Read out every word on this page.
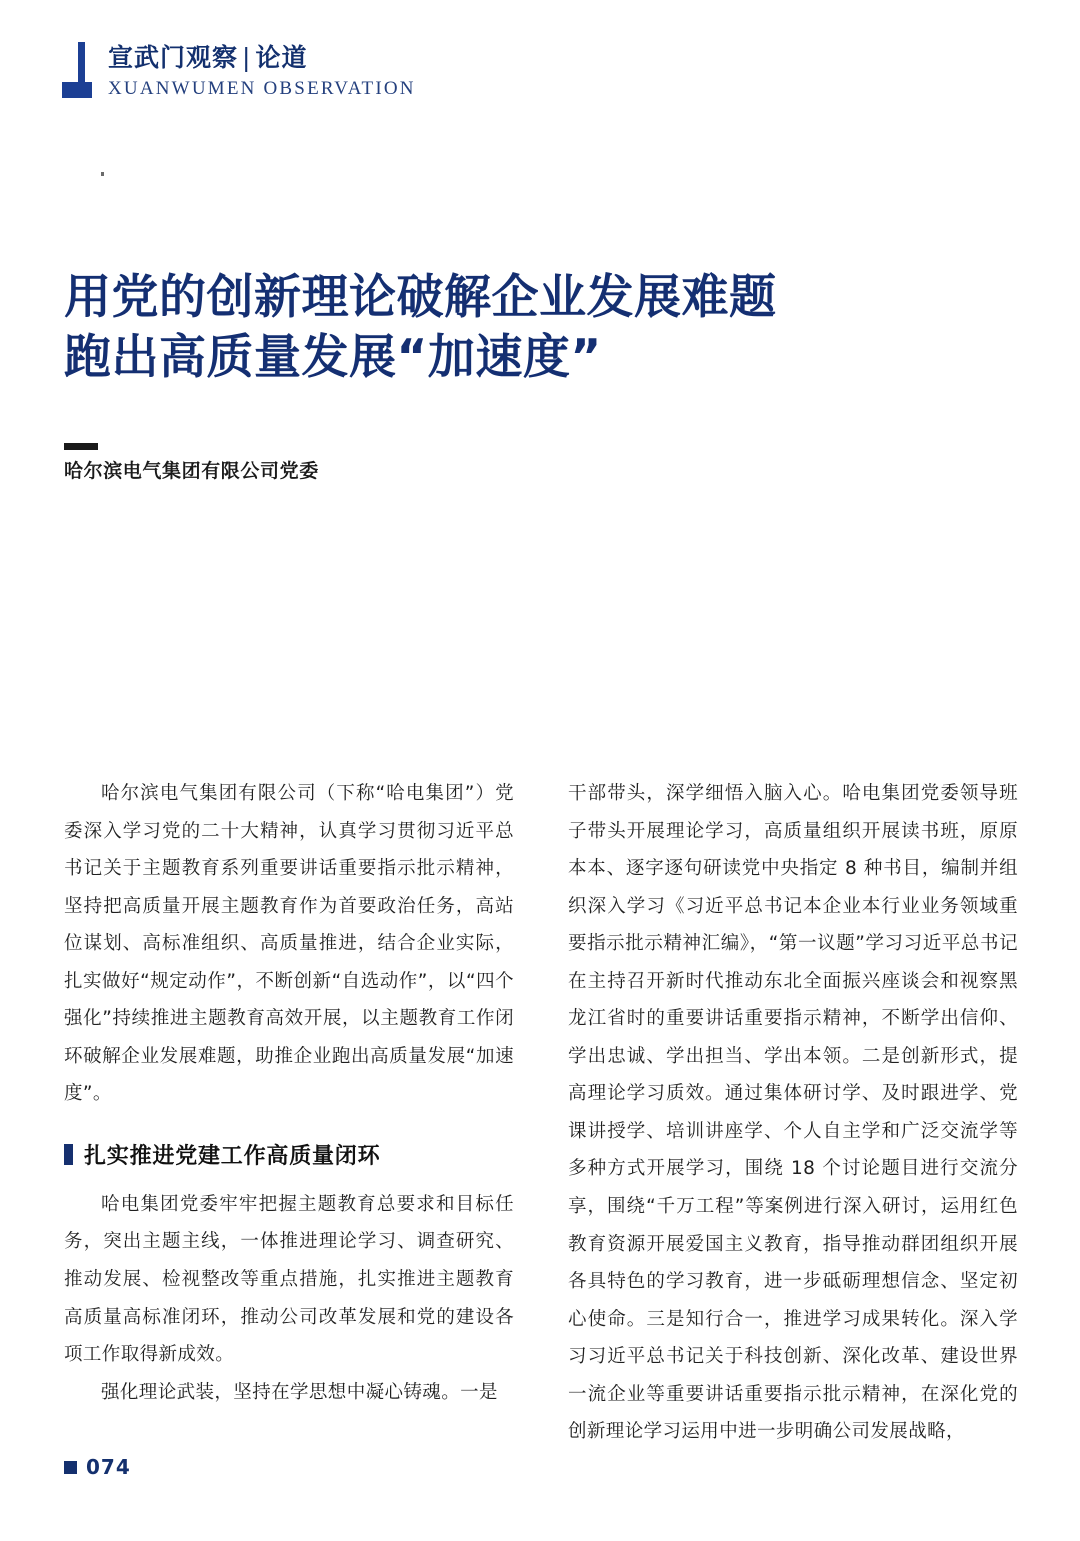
宣武门观察 | 论道
XUANWUMEN OBSERVATION
用党的创新理论破解企业发展难题
跑出高质量发展“加速度”
哈尔滨电气集团有限公司党委

哈尔滨电气集团有限公司（下称“哈电集团”）党委深入学习党的二十大精神，认真学习贯彻习近平总书记关于主题教育系列重要讲话重要指示批示精神，坚持把高质量开展主题教育作为首要政治任务，高站位谋划、高标准组织、高质量推进，结合企业实际，扎实做好“规定动作”，不断创新“自选动作”，以“四个强化”持续推进主题教育高效开展，以主题教育工作闭环破解企业发展难题，助推企业跑出高质量发展“加速度”。

扎实推进党建工作高质量闭环

哈电集团党委牢牢把握主题教育总要求和目标任务，突出主题主线，一体推进理论学习、调查研究、推动发展、检视整改等重点措施，扎实推进主题教育高质量高标准闭环，推动公司改革发展和党的建设各项工作取得新成效。

强化理论武装，坚持在学思想中凝心铸魂。一是

干部带头，深学细悟入脑入心。哈电集团党委领导班子带头开展理论学习，高质量组织开展读书班，原原本本、逐字逐句研读党中央指定 8 种书目，编制并组织深入学习《习近平总书记本企业本行业业务领域重要指示批示精神汇编》，“第一议题”学习习近平总书记在主持召开新时代推动东北全面振兴座谈会和视察黑龙江省时的重要讲话重要指示精神，不断学出信仰、学出忠诚、学出担当、学出本领。二是创新形式，提高理论学习质效。通过集体研讨学、及时跟进学、党课讲授学、培训讲座学、个人自主学和广泛交流学等多种方式开展学习，围绕 18 个讨论题目进行交流分享，围绕“千万工程”等案例进行深入研讨，运用红色教育资源开展爱国主义教育，指导推动群团组织开展各具特色的学习教育，进一步砥砺理想信念、坚定初心使命。三是知行合一，推进学习成果转化。深入学习习近平总书记关于科技创新、深化改革、建设世界一流企业等重要讲话重要指示批示精神，在深化党的创新理论学习运用中进一步明确公司发展战略，

074
